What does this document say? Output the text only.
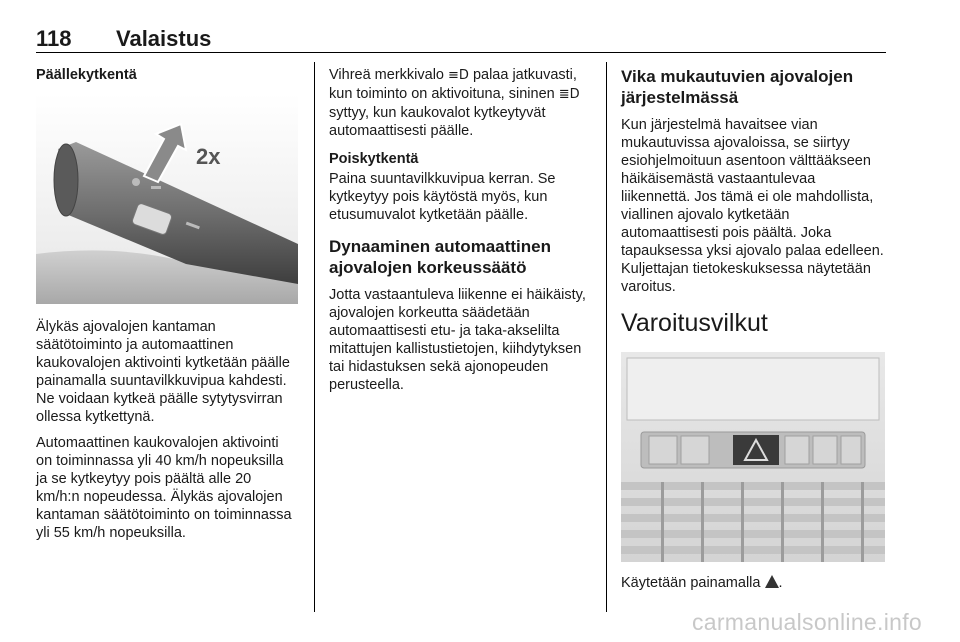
118 Valaistus
Päällekytkentä
2x

Älykäs ajovalojen kantaman säätötoiminto ja automaattinen kaukovalojen aktivointi kytketään päälle painamalla suuntavilkkuvipua kahdesti. Ne voidaan kytkeä päälle sytytysvirran ollessa kytkettynä.

Automaattinen kaukovalojen aktivointi on toiminnassa yli 40 km/h nopeuksilla ja se kytkeytyy pois päältä alle 20 km/h:n nopeudessa. Älykäs ajovalojen kantaman säätötoiminto on toiminnassa yli 55 km/h nopeuksilla.

Vihreä merkkivalo ≡D palaa jatkuvasti, kun toiminto on aktivoituna, sininen ≣D syttyy, kun kaukovalot kytkeytyvät automaattisesti päälle.

Poiskytkentä

Paina suuntavilkkuvipua kerran. Se kytkeytyy pois käytöstä myös, kun etusumuvalot kytketään päälle.

Dynaaminen automaattinen ajovalojen korkeussäätö

Jotta vastaantuleva liikenne ei häikäisty, ajovalojen korkeutta säädetään automaattisesti etu- ja taka-akselilta mitattujen kallistustietojen, kiihdytyksen tai hidastuksen sekä ajonopeuden perusteella.

Vika mukautuvien ajovalojen järjestelmässä

Kun järjestelmä havaitsee vian mukautuvissa ajovaloissa, se siirtyy esiohjelmoituun asentoon välttääkseen häikäisemästä vastaantulevaa liikennettä. Jos tämä ei ole mahdollista, viallinen ajovalo kytketään automaattisesti pois päältä. Joka tapauksessa yksi ajovalo palaa edelleen. Kuljettajan tietokeskuksessa näytetään varoitus.

Varoitusvilkut

Käytetään painamalla .

carmanualsonline.info
